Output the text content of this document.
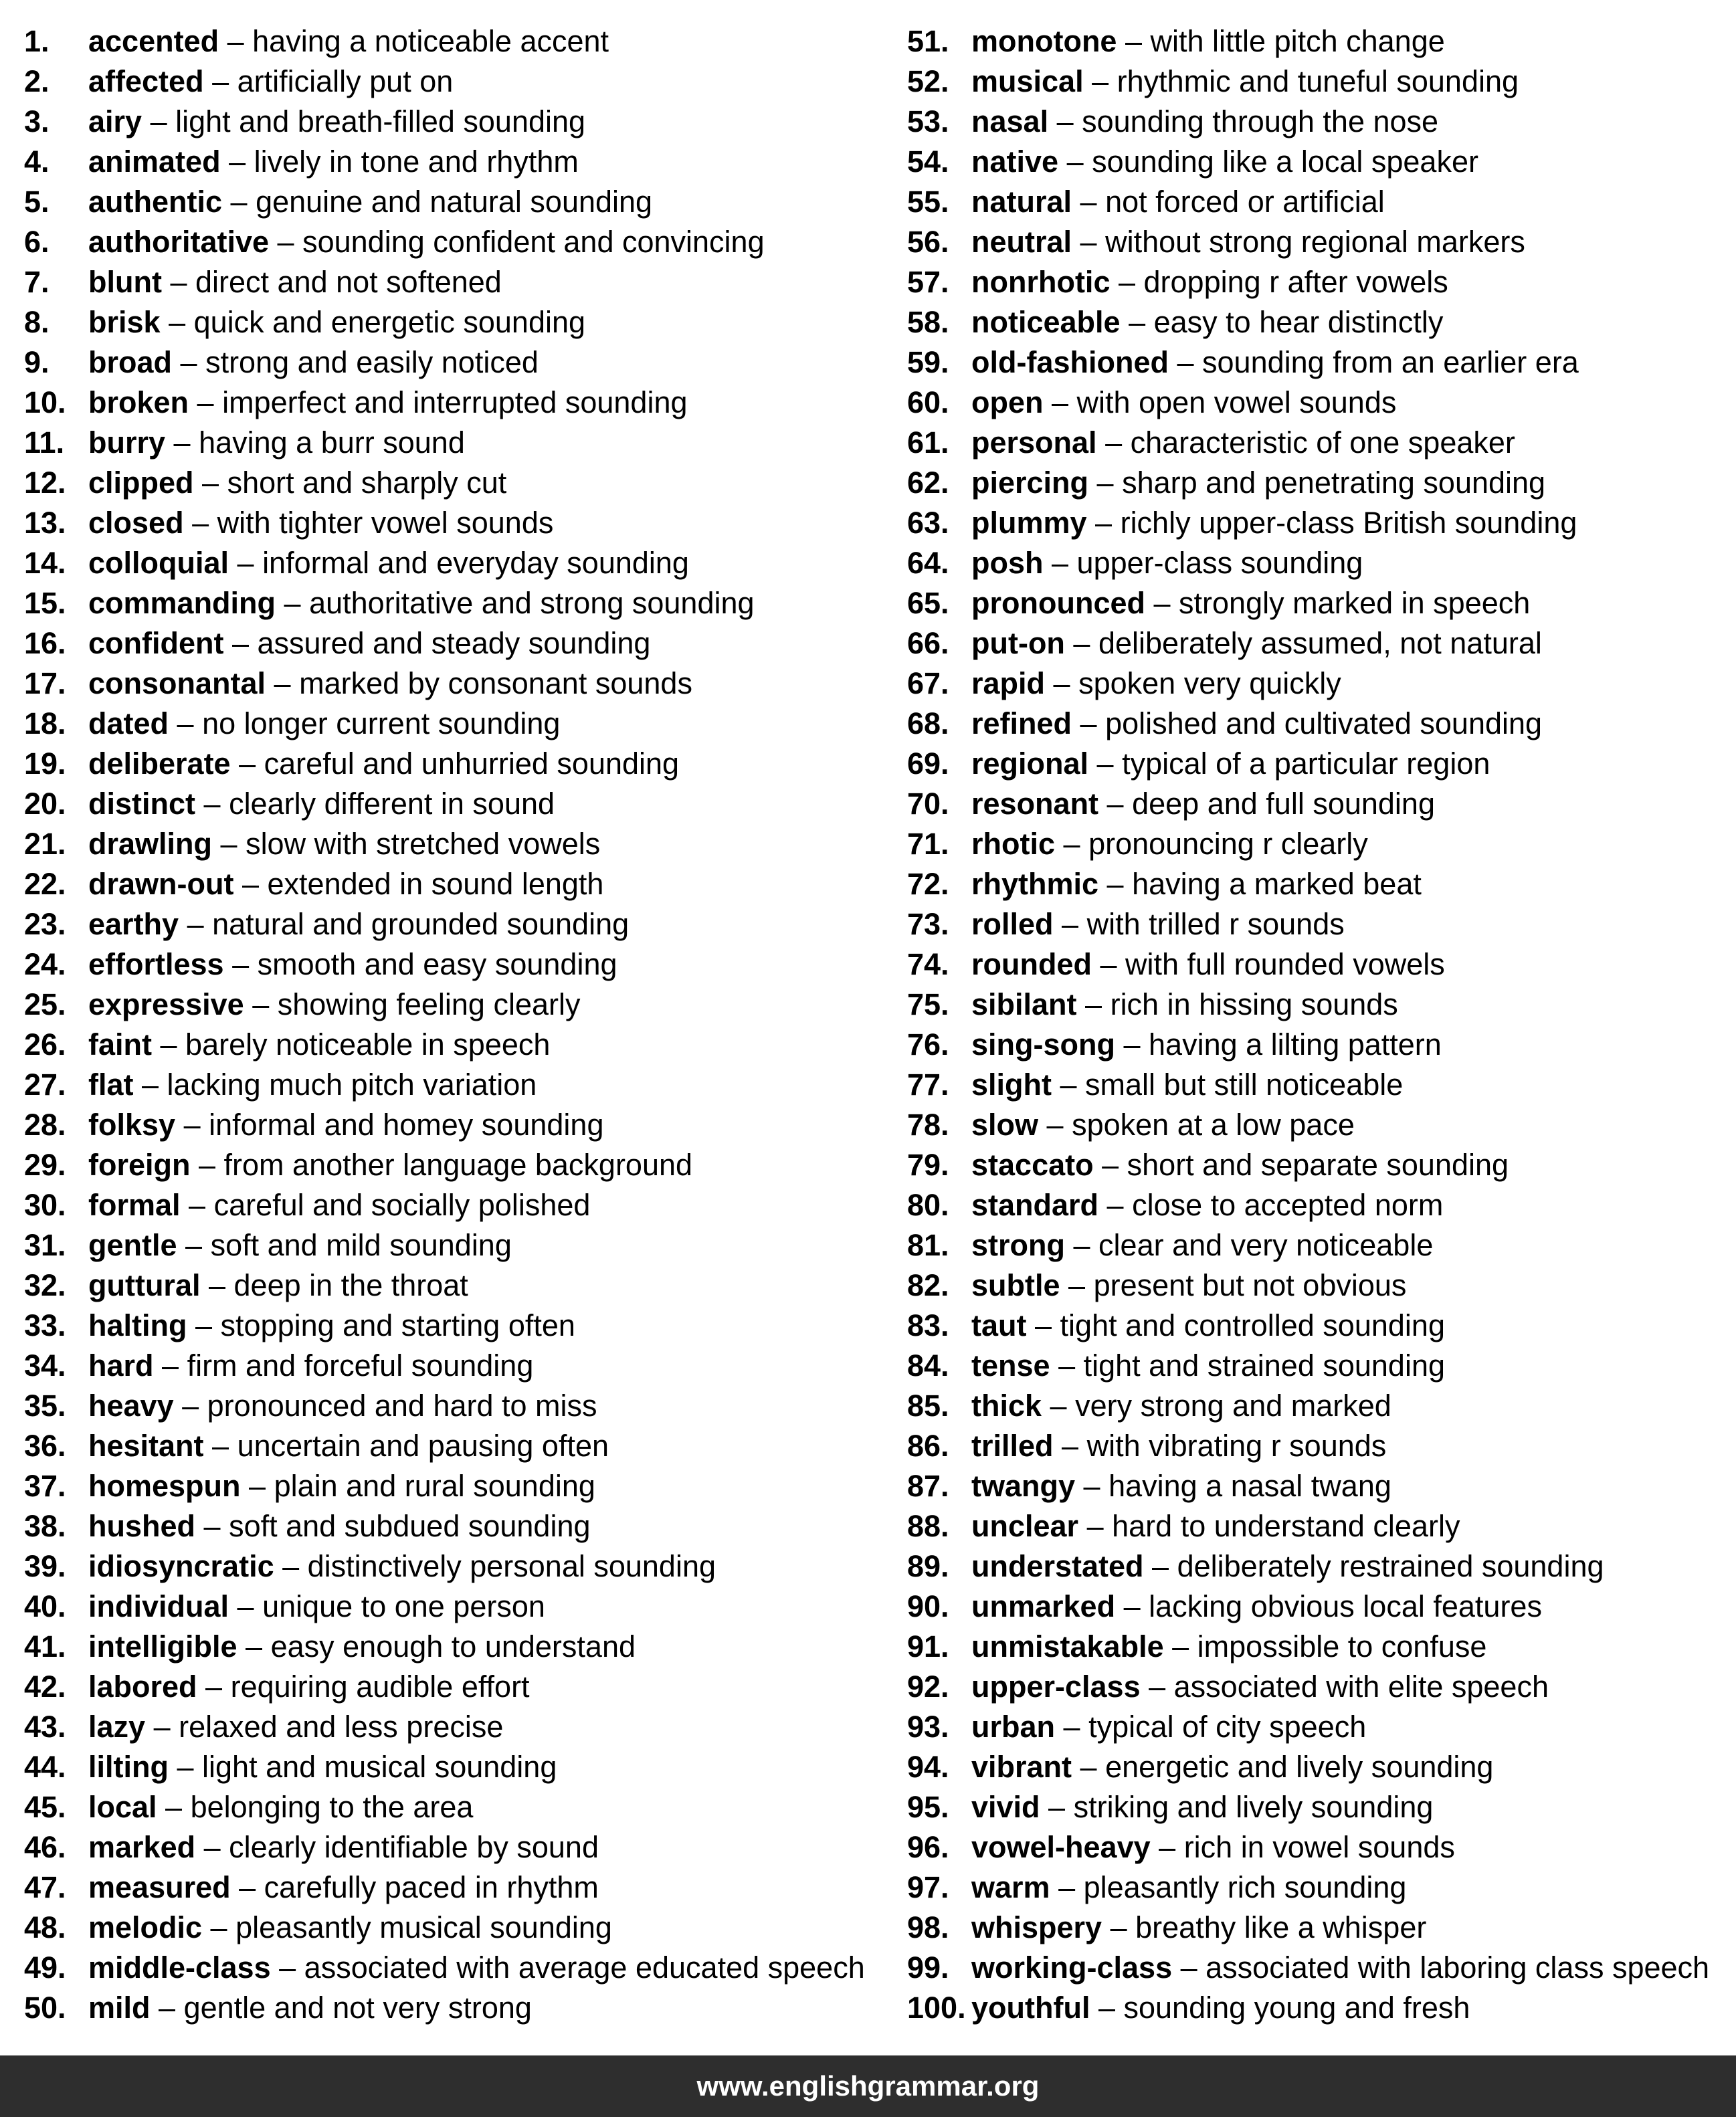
1.	accented – having a noticeable accent
2.	affected – artificially put on
3.	airy – light and breath-filled sounding
4.	animated – lively in tone and rhythm
5.	authentic – genuine and natural sounding
6.	authoritative – sounding confident and convincing
7.	blunt – direct and not softened
8.	brisk – quick and energetic sounding
9.	broad – strong and easily noticed
10. broken – imperfect and interrupted sounding
11. burry – having a burr sound
12. clipped – short and sharply cut
13. closed – with tighter vowel sounds
14. colloquial – informal and everyday sounding
15. commanding – authoritative and strong sounding
16. confident – assured and steady sounding
17. consonantal – marked by consonant sounds
18. dated – no longer current sounding
19. deliberate – careful and unhurried sounding
20. distinct – clearly different in sound
21. drawling – slow with stretched vowels
22. drawn-out – extended in sound length
23. earthy – natural and grounded sounding
24. effortless – smooth and easy sounding
25. expressive – showing feeling clearly
26. faint – barely noticeable in speech
27. flat – lacking much pitch variation
28. folksy – informal and homey sounding
29. foreign – from another language background
30. formal – careful and socially polished
31. gentle – soft and mild sounding
32. guttural – deep in the throat
33. halting – stopping and starting often
34. hard – firm and forceful sounding
35. heavy – pronounced and hard to miss
36. hesitant – uncertain and pausing often
37. homespun – plain and rural sounding
38. hushed – soft and subdued sounding
39. idiosyncratic – distinctively personal sounding
40. individual – unique to one person
41. intelligible – easy enough to understand
42. labored – requiring audible effort
43. lazy – relaxed and less precise
44. lilting – light and musical sounding
45. local – belonging to the area
46. marked – clearly identifiable by sound
47. measured – carefully paced in rhythm
48. melodic – pleasantly musical sounding
49. middle-class – associated with average educated speech
50. mild – gentle and not very strong
51. monotone – with little pitch change
52. musical – rhythmic and tuneful sounding
53. nasal – sounding through the nose
54. native – sounding like a local speaker
55. natural – not forced or artificial
56. neutral – without strong regional markers
57. nonrhotic – dropping r after vowels
58. noticeable – easy to hear distinctly
59. old-fashioned – sounding from an earlier era
60. open – with open vowel sounds
61. personal – characteristic of one speaker
62. piercing – sharp and penetrating sounding
63. plummy – richly upper-class British sounding
64. posh – upper-class sounding
65. pronounced – strongly marked in speech
66. put-on – deliberately assumed, not natural
67. rapid – spoken very quickly
68. refined – polished and cultivated sounding
69. regional – typical of a particular region
70. resonant – deep and full sounding
71. rhotic – pronouncing r clearly
72. rhythmic – having a marked beat
73. rolled – with trilled r sounds
74. rounded – with full rounded vowels
75. sibilant – rich in hissing sounds
76. sing-song – having a lilting pattern
77. slight – small but still noticeable
78. slow – spoken at a low pace
79. staccato – short and separate sounding
80. standard – close to accepted norm
81. strong – clear and very noticeable
82. subtle – present but not obvious
83. taut – tight and controlled sounding
84. tense – tight and strained sounding
85. thick – very strong and marked
86. trilled – with vibrating r sounds
87. twangy – having a nasal twang
88. unclear – hard to understand clearly
89. understated – deliberately restrained sounding
90. unmarked – lacking obvious local features
91. unmistakable – impossible to confuse
92. upper-class – associated with elite speech
93. urban – typical of city speech
94. vibrant – energetic and lively sounding
95. vivid – striking and lively sounding
96. vowel-heavy – rich in vowel sounds
97. warm – pleasantly rich sounding
98. whispery – breathy like a whisper
99. working-class – associated with laboring class speech
100. youthful – sounding young and fresh
www.englishgrammar.org
